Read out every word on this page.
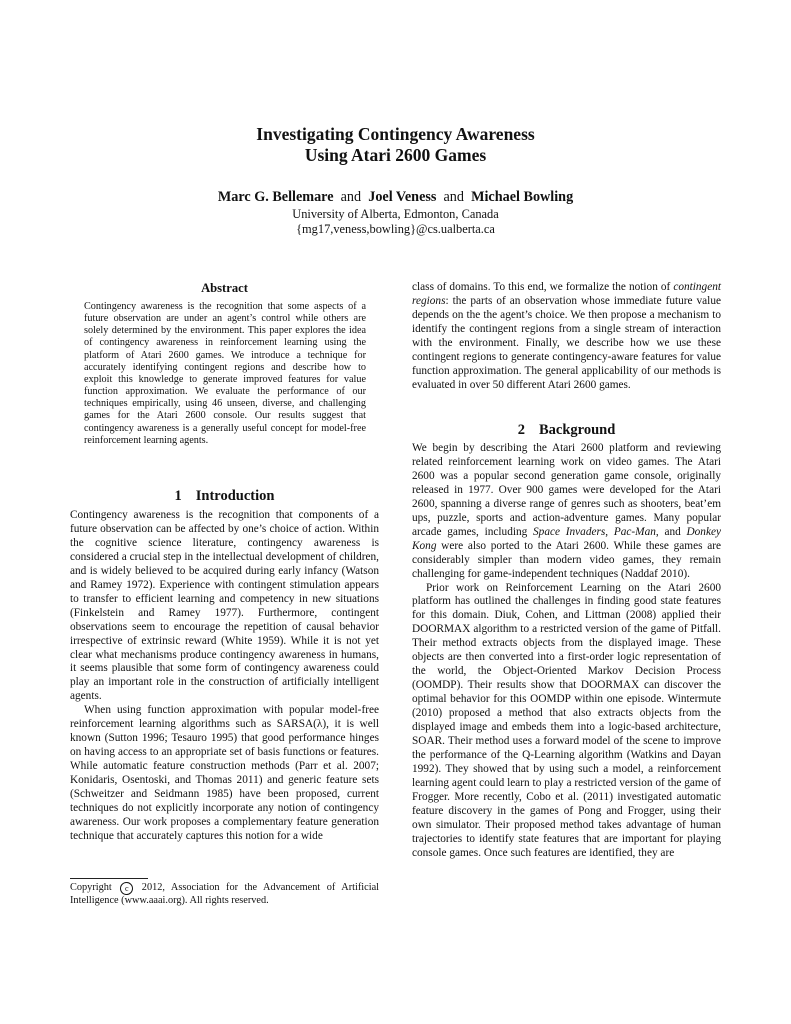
Investigating Contingency Awareness
Using Atari 2600 Games
Marc G. Bellemare and Joel Veness and Michael Bowling
University of Alberta, Edmonton, Canada
{mg17,veness,bowling}@cs.ualberta.ca
Abstract
Contingency awareness is the recognition that some aspects of a future observation are under an agent’s control while others are solely determined by the environment. This paper explores the idea of contingency awareness in reinforcement learning using the platform of Atari 2600 games. We introduce a technique for accurately identifying contingent regions and describe how to exploit this knowledge to generate improved features for value function approximation. We evaluate the performance of our techniques empirically, using 46 unseen, diverse, and challenging games for the Atari 2600 console. Our results suggest that contingency awareness is a generally useful concept for model-free reinforcement learning agents.
1 Introduction

Contingency awareness is the recognition that components of a future observation can be affected by one’s choice of action. Within the cognitive science literature, contingency awareness is considered a crucial step in the intellectual development of children, and is widely believed to be acquired during early infancy (Watson and Ramey 1972). Experience with contingent stimulation appears to transfer to efficient learning and competency in new situations (Finkelstein and Ramey 1977). Furthermore, contingent observations seem to encourage the repetition of causal behavior irrespective of extrinsic reward (White 1959). While it is not yet clear what mechanisms produce contingency awareness in humans, it seems plausible that some form of contingency awareness could play an important role in the construction of artificially intelligent agents.

When using function approximation with popular model-free reinforcement learning algorithms such as SARSA(λ), it is well known (Sutton 1996; Tesauro 1995) that good performance hinges on having access to an appropriate set of basis functions or features. While automatic feature construction methods (Parr et al. 2007; Konidaris, Osentoski, and Thomas 2011) and generic feature sets (Schweitzer and Seidmann 1985) have been proposed, current techniques do not explicitly incorporate any notion of contingency awareness. Our work proposes a complementary feature generation technique that accurately captures this notion for a wide

Copyright c 2012, Association for the Advancement of Artificial Intelligence (www.aaai.org). All rights reserved.

class of domains. To this end, we formalize the notion of contingent regions: the parts of an observation whose immediate future value depends on the the agent’s choice. We then propose a mechanism to identify the contingent regions from a single stream of interaction with the environment. Finally, we describe how we use these contingent regions to generate contingency-aware features for value function approximation. The general applicability of our methods is evaluated in over 50 different Atari 2600 games.

2 Background

We begin by describing the Atari 2600 platform and reviewing related reinforcement learning work on video games. The Atari 2600 was a popular second generation game console, originally released in 1977. Over 900 games were developed for the Atari 2600, spanning a diverse range of genres such as shooters, beat’em ups, puzzle, sports and action-adventure games. Many popular arcade games, including Space Invaders, Pac-Man, and Donkey Kong were also ported to the Atari 2600. While these games are considerably simpler than modern video games, they remain challenging for game-independent techniques (Naddaf 2010).

Prior work on Reinforcement Learning on the Atari 2600 platform has outlined the challenges in finding good state features for this domain. Diuk, Cohen, and Littman (2008) applied their DOORMAX algorithm to a restricted version of the game of Pitfall. Their method extracts objects from the displayed image. These objects are then converted into a first-order logic representation of the world, the Object-Oriented Markov Decision Process (OOMDP). Their results show that DOORMAX can discover the optimal behavior for this OOMDP within one episode. Wintermute (2010) proposed a method that also extracts objects from the displayed image and embeds them into a logic-based architecture, SOAR. Their method uses a forward model of the scene to improve the performance of the Q-Learning algorithm (Watkins and Dayan 1992). They showed that by using such a model, a reinforcement learning agent could learn to play a restricted version of the game of Frogger. More recently, Cobo et al. (2011) investigated automatic feature discovery in the games of Pong and Frogger, using their own simulator. Their proposed method takes advantage of human trajectories to identify state features that are important for playing console games. Once such features are identified, they are
